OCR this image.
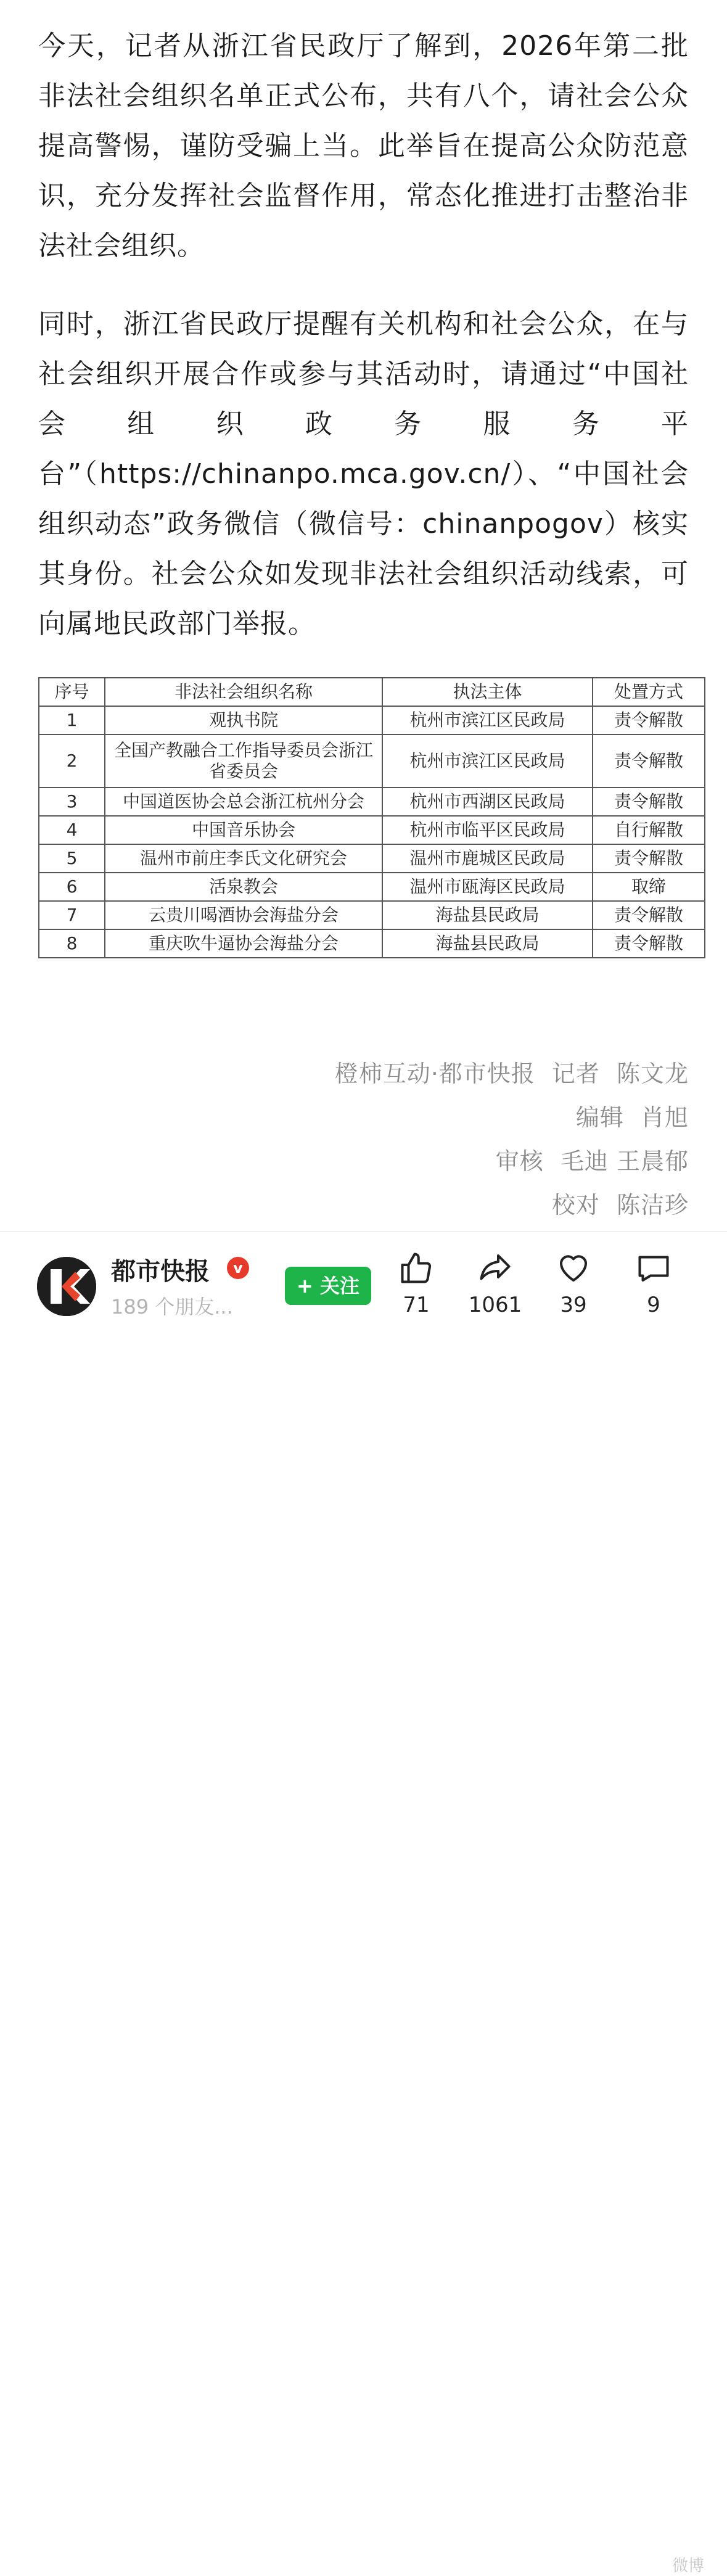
今天，记者从浙江省民政厅了解到，2026年第二批非法社会组织名单正式公布，共有八个，请社会公众提高警惕，谨防受骗上当。此举旨在提高公众防范意识，充分发挥社会监督作用，常态化推进打击整治非法社会组织。

同时，浙江省民政厅提醒有关机构和社会公众，在与社会组织开展合作或参与其活动时，请通过“中国社会组织政务服务平台”（https://chinanpo.mca.gov.cn/）、“中国社会组织动态”政务微信（微信号：chinanpogov）核实其身份。社会公众如发现非法社会组织活动线索，可向属地民政部门举报。

序号	非法社会组织名称	执法主体	处置方式
1	观执书院	杭州市滨江区民政局	责令解散
2	全国产教融合工作指导委员会浙江省委员会	杭州市滨江区民政局	责令解散
3	中国道医协会总会浙江杭州分会	杭州市西湖区民政局	责令解散
4	中国音乐协会	杭州市临平区民政局	自行解散
5	温州市前庄李氏文化研究会	温州市鹿城区民政局	责令解散
6	活泉教会	温州市瓯海区民政局	取缔
7	云贵川喝酒协会海盐分会	海盐县民政局	责令解散
8	重庆吹牛逼协会海盐分会	海盐县民政局	责令解散
橙柿互动·都市快报 记者 陈文龙
编辑 肖旭
审核 毛迪 王晨郁
校对 陈洁珍
都市快报	v
189 个朋友...
+ 关注
71	1061	39	9
微博
